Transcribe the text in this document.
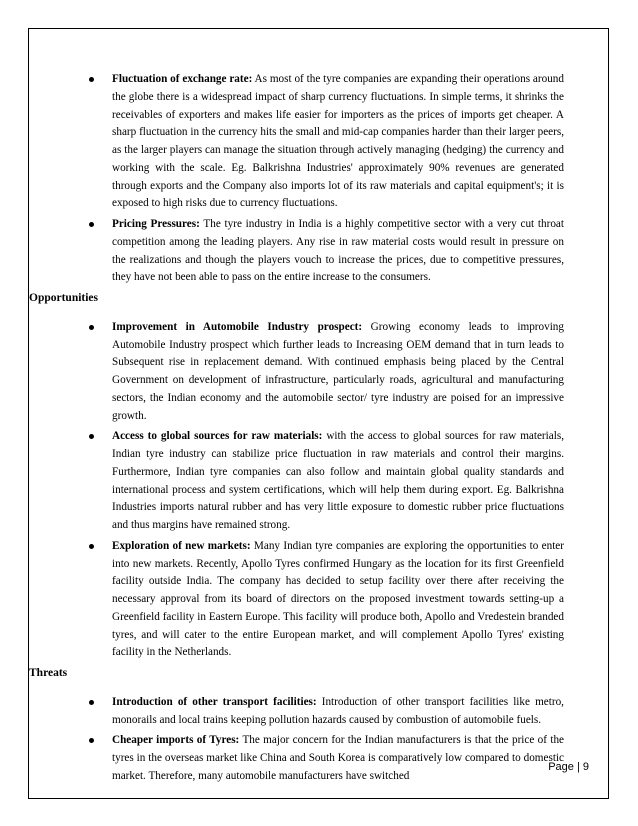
Fluctuation of exchange rate: As most of the tyre companies are expanding their operations around the globe there is a widespread impact of sharp currency fluctuations. In simple terms, it shrinks the receivables of exporters and makes life easier for importers as the prices of imports get cheaper. A sharp fluctuation in the currency hits the small and mid-cap companies harder than their larger peers, as the larger players can manage the situation through actively managing (hedging) the currency and working with the scale. Eg. Balkrishna Industries' approximately 90% revenues are generated through exports and the Company also imports lot of its raw materials and capital equipment's; it is exposed to high risks due to currency fluctuations.
Pricing Pressures: The tyre industry in India is a highly competitive sector with a very cut throat competition among the leading players. Any rise in raw material costs would result in pressure on the realizations and though the players vouch to increase the prices, due to competitive pressures, they have not been able to pass on the entire increase to the consumers.
Opportunities
Improvement in Automobile Industry prospect: Growing economy leads to improving Automobile Industry prospect which further leads to Increasing OEM demand that in turn leads to Subsequent rise in replacement demand. With continued emphasis being placed by the Central Government on development of infrastructure, particularly roads, agricultural and manufacturing sectors, the Indian economy and the automobile sector/ tyre industry are poised for an impressive growth.
Access to global sources for raw materials: with the access to global sources for raw materials, Indian tyre industry can stabilize price fluctuation in raw materials and control their margins. Furthermore, Indian tyre companies can also follow and maintain global quality standards and international process and system certifications, which will help them during export. Eg. Balkrishna Industries imports natural rubber and has very little exposure to domestic rubber price fluctuations and thus margins have remained strong.
Exploration of new markets: Many Indian tyre companies are exploring the opportunities to enter into new markets. Recently, Apollo Tyres confirmed Hungary as the location for its first Greenfield facility outside India. The company has decided to setup facility over there after receiving the necessary approval from its board of directors on the proposed investment towards setting-up a Greenfield facility in Eastern Europe. This facility will produce both, Apollo and Vredestein branded tyres, and will cater to the entire European market, and will complement Apollo Tyres' existing facility in the Netherlands.
Threats
Introduction of other transport facilities: Introduction of other transport facilities like metro, monorails and local trains keeping pollution hazards caused by combustion of automobile fuels.
Cheaper imports of Tyres: The major concern for the Indian manufacturers is that the price of the tyres in the overseas market like China and South Korea is comparatively low compared to domestic market. Therefore, many automobile manufacturers have switched
Page | 9
